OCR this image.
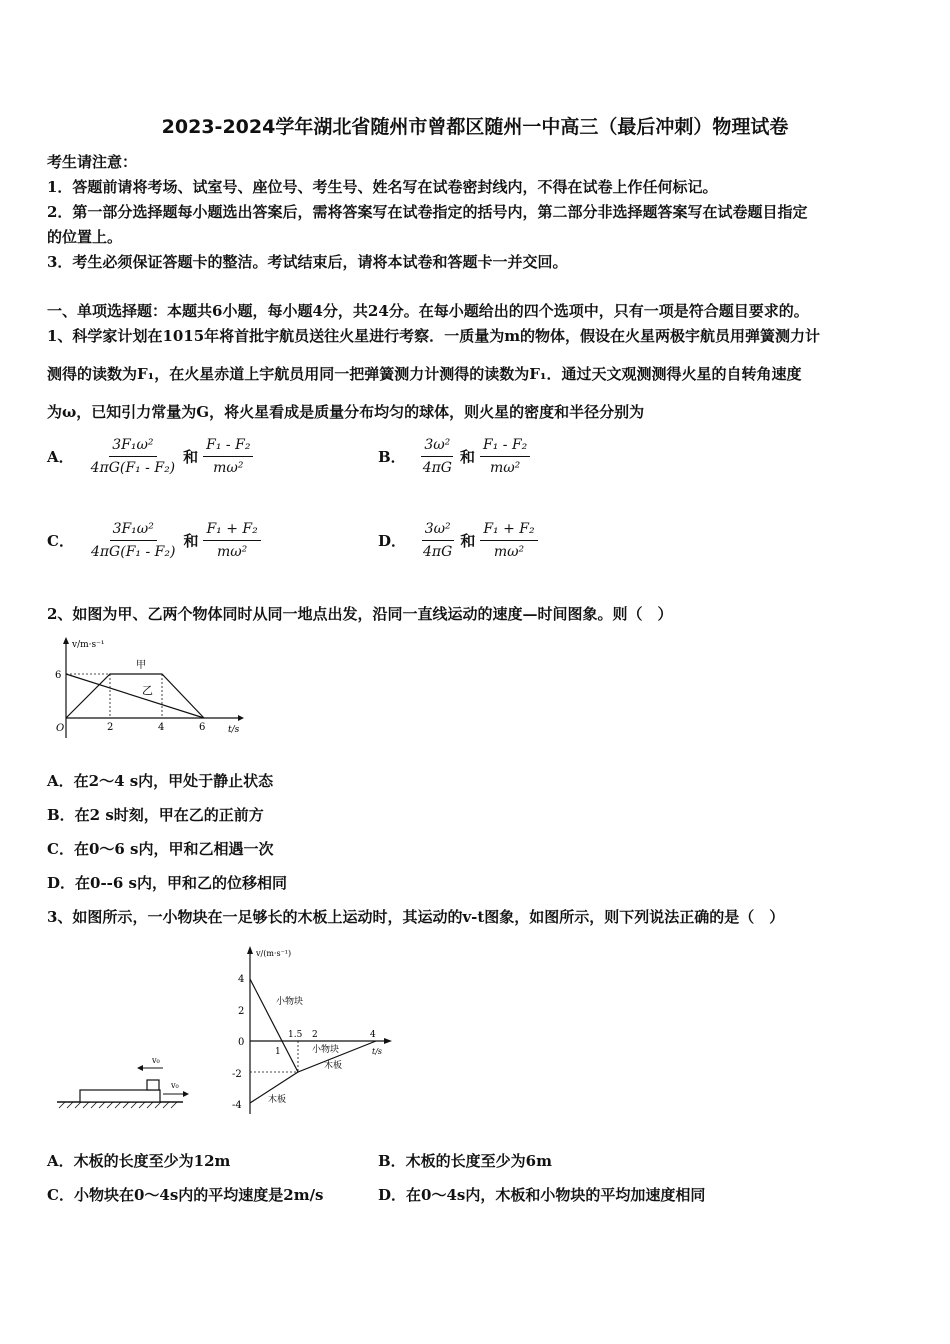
2023-2024学年湖北省随州市曾都区随州一中高三（最后冲刺）物理试卷
考生请注意：
1．答题前请将考场、试室号、座位号、考生号、姓名写在试卷密封线内，不得在试卷上作任何标记。
2．第一部分选择题每小题选出答案后，需将答案写在试卷指定的括号内，第二部分非选择题答案写在试卷题目指定
的位置上。
3．考生必须保证答题卡的整洁。考试结束后，请将本试卷和答题卡一并交回。
一、单项选择题：本题共6小题，每小题4分，共24分。在每小题给出的四个选项中，只有一项是符合题目要求的。
1、科学家计划在1015年将首批宇航员送往火星进行考察．一质量为m的物体，假设在火星两极宇航员用弹簧测力计
测得的读数为F₁，在火星赤道上宇航员用同一把弹簧测力计测得的读数为F₁．通过天文观测测得火星的自转角速度
为ω，已知引力常量为G，将火星看成是质量分布均匀的球体，则火星的密度和半径分别为
A． $\frac{\text{3F₁ω²}}{\text{4πG(F₁ - F₂)}}$ 和 $\frac{\text{F₁ - F₂}}{\text{mω²}}$	B． $\frac{\text{3ω²}}{4\pi G}$ 和 $\frac{\text{F₁ - F₂}}{\text{mω²}}$
C． $\frac{\text{3F₁ω²}}{\text{4πG(F₁ - F₂)}}$ 和 $\frac{\text{F₁ + F₂}}{\text{mω²}}$	D． $\frac{\text{3ω²}}{4\pi G}$ 和 $\frac{\text{F₁ + F₂}}{\text{mω²}}$
2、如图为甲、乙两个物体同时从同一地点出发，沿同一直线运动的速度—时间图象。则（　）
v/m·s⁻¹
t/s
O
6
2	4	6
甲
乙
A．在2～4 s内，甲处于静止状态
B．在2 s时刻，甲在乙的正前方
C．在0～6 s内，甲和乙相遇一次
D．在0--6 s内，甲和乙的位移相同
3、如图所示，一小物块在一足够长的木板上运动时，其运动的v-t图象，如图所示，则下列说法正确的是（　）
v₀
v₀
v/(m·s⁻¹)
t/s
4
2
0
-2
-4
1
1.5 2	4
小物块
小物块
木板
木板
A．木板的长度至少为12m	B．木板的长度至少为6m
C．小物块在0～4s内的平均速度是2m/s	D．在0～4s内，木板和小物块的平均加速度相同
